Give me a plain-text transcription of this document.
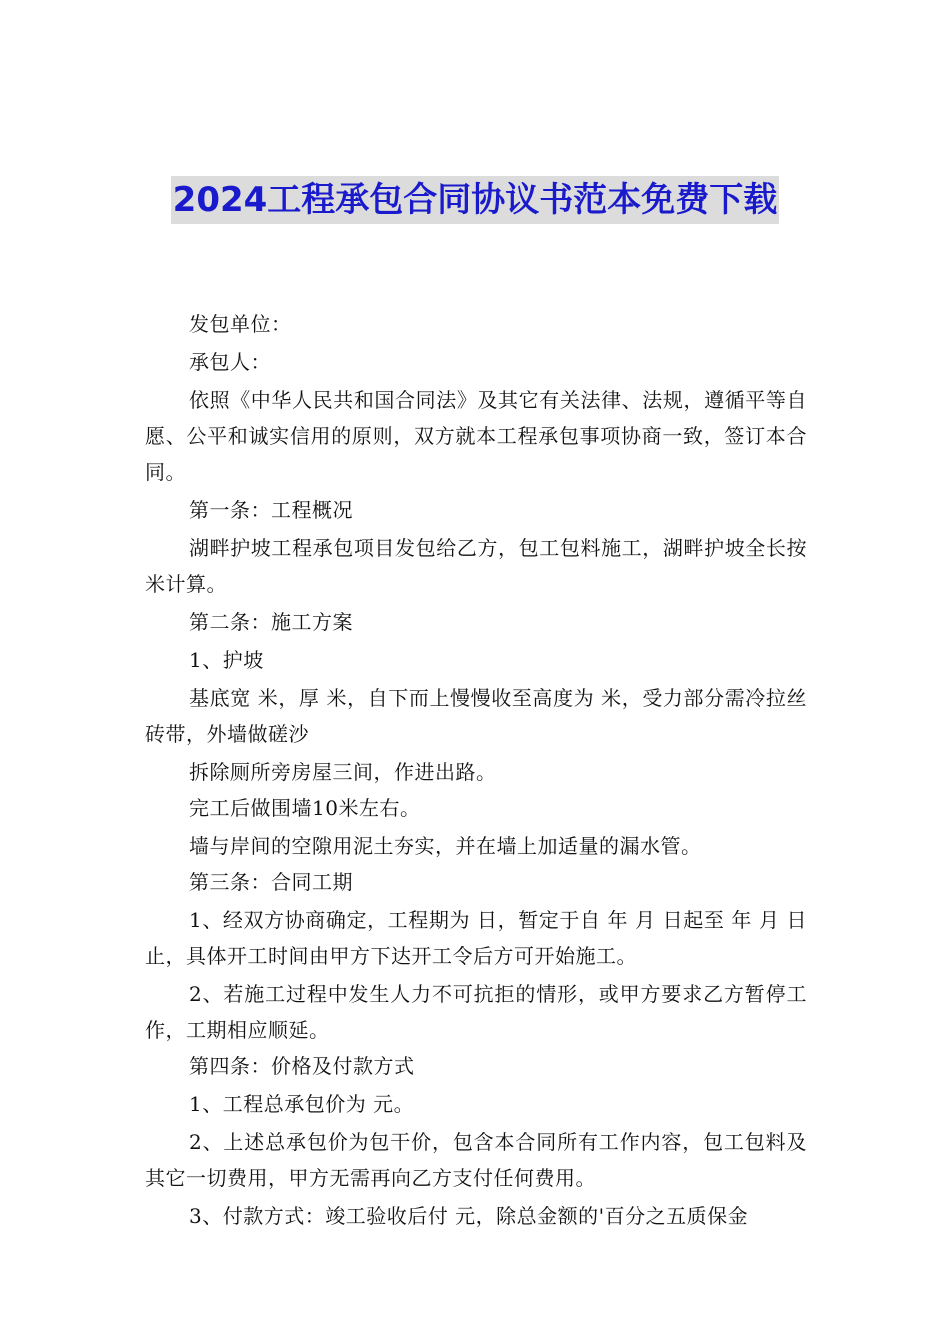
2024工程承包合同协议书范本免费下载

发包单位：

承包人：

依照《中华人民共和国合同法》及其它有关法律、法规，遵循平等自愿、公平和诚实信用的原则，双方就本工程承包事项协商一致，签订本合同。

第一条：工程概况

湖畔护坡工程承包项目发包给乙方，包工包料施工，湖畔护坡全长按 米计算。

第二条：施工方案

1、护坡

基底宽 米，厚 米，自下而上慢慢收至高度为 米，受力部分需冷拉丝砖带，外墙做磋沙

拆除厕所旁房屋三间，作进出路。

完工后做围墙10米左右。

墙与岸间的空隙用泥土夯实，并在墙上加适量的漏水管。

第三条：合同工期

1、经双方协商确定，工程期为 日，暂定于自 年 月 日起至 年 月 日止，具体开工时间由甲方下达开工令后方可开始施工。

2、若施工过程中发生人力不可抗拒的情形，或甲方要求乙方暂停工作，工期相应顺延。

第四条：价格及付款方式

1、工程总承包价为 元。

2、上述总承包价为包干价，包含本合同所有工作内容，包工包料及其它一切费用，甲方无需再向乙方支付任何费用。

3、付款方式：竣工验收后付 元，除总金额的'百分之五质保金
